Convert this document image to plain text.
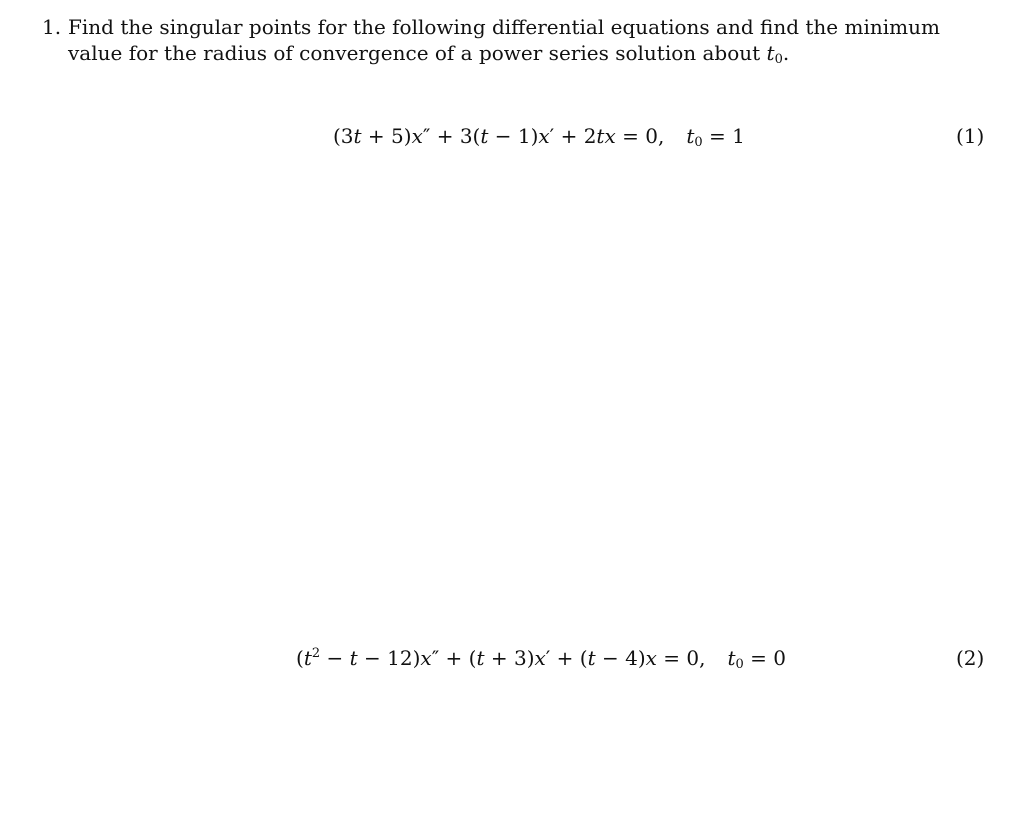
1. Find the singular points for the following differential equations and find the minimum value for the radius of convergence of a power series solution about $t_0$.
(3t + 5)x″ + 3(t − 1)x′ + 2tx = 0, $t_0 = 1$	(1)
$(t^2 - t - 12)x'' + (t + 3)x' + (t - 4)x = 0$, $t_0 = 0$	(2)
